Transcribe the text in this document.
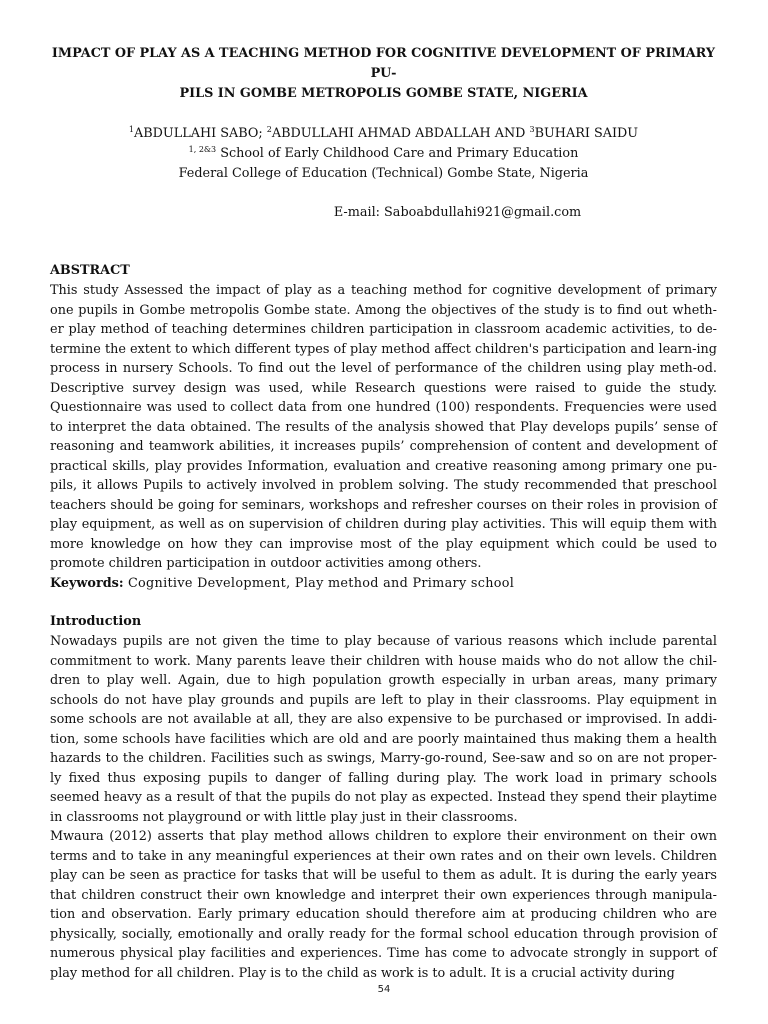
IMPACT OF PLAY AS A TEACHING METHOD FOR COGNITIVE DEVELOPMENT OF PRIMARY PU-
PILS IN GOMBE METROPOLIS GOMBE STATE, NIGERIA
$^1$ABDULLAHI SABO; $^2$ABDULLAHI AHMAD ABDALLAH AND $^3$BUHARI SAIDU
$^{1, 2\&3}$ School of Early Childhood Care and Primary Education
Federal College of Education (Technical) Gombe State, Nigeria
E-mail: Saboabdullahi921@gmail.com
ABSTRACT

This study Assessed the impact of play as a teaching method for cognitive development of primary one pupils in Gombe metropolis Gombe state. Among the objectives of the study is to find out wheth-er play method of teaching determines children participation in classroom academic activities, to de-termine the extent to which different types of play method affect children's participation and learn-ing process in nursery Schools. To find out the level of performance of the children using play meth-od. Descriptive survey design was used, while Research questions were raised to guide the study. Questionnaire was used to collect data from one hundred (100) respondents. Frequencies were used to interpret the data obtained. The results of the analysis showed that Play develops pupils’ sense of reasoning and teamwork abilities, it increases pupils’ comprehension of content and development of practical skills, play provides Information, evaluation and creative reasoning among primary one pu-pils, it allows Pupils to actively involved in problem solving. The study recommended that preschool teachers should be going for seminars, workshops and refresher courses on their roles in provision of play equipment, as well as on supervision of children during play activities. This will equip them with more knowledge on how they can improvise most of the play equipment which could be used to promote children participation in outdoor activities among others.

Keywords: Cognitive Development, Play method and Primary school

Introduction

Nowadays pupils are not given the time to play because of various reasons which include parental commitment to work. Many parents leave their children with house maids who do not allow the chil-dren to play well. Again, due to high population growth especially in urban areas, many primary schools do not have play grounds and pupils are left to play in their classrooms. Play equipment in some schools are not available at all, they are also expensive to be purchased or improvised. In addi-tion, some schools have facilities which are old and are poorly maintained thus making them a health hazards to the children. Facilities such as swings, Marry-go-round, See-saw and so on are not proper-ly fixed thus exposing pupils to danger of falling during play. The work load in primary schools seemed heavy as a result of that the pupils do not play as expected. Instead they spend their playtime in classrooms not playground or with little play just in their classrooms.

Mwaura (2012) asserts that play method allows children to explore their environment on their own terms and to take in any meaningful experiences at their own rates and on their own levels. Children play can be seen as practice for tasks that will be useful to them as adult. It is during the early years that children construct their own knowledge and interpret their own experiences through manipula-tion and observation. Early primary education should therefore aim at producing children who are physically, socially, emotionally and orally ready for the formal school education through provision of numerous physical play facilities and experiences. Time has come to advocate strongly in support of play method for all children. Play is to the child as work is to adult. It is a crucial activity during

54
